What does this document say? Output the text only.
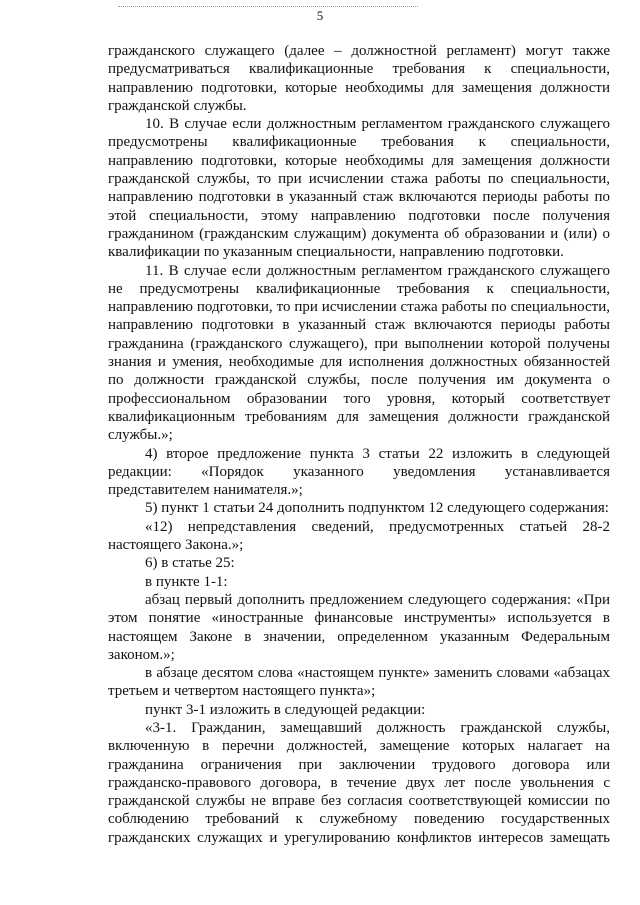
5

гражданского служащего (далее – должностной регламент) могут также предусматриваться квалификационные требования к специальности, направлению подготовки, которые необходимы для замещения должности гражданской службы.

10. В случае если должностным регламентом гражданского служащего предусмотрены квалификационные требования к специальности, направлению подготовки, которые необходимы для замещения должности гражданской службы, то при исчислении стажа работы по специальности, направлению подготовки в указанный стаж включаются периоды работы по этой специальности, этому направлению подготовки после получения гражданином (гражданским служащим) документа об образовании и (или) о квалификации по указанным специальности, направлению подготовки.

11. В случае если должностным регламентом гражданского служащего не предусмотрены квалификационные требования к специальности, направлению подготовки, то при исчислении стажа работы по специальности, направлению подготовки в указанный стаж включаются периоды работы гражданина (гражданского служащего), при выполнении которой получены знания и умения, необходимые для исполнения должностных обязанностей по должности гражданской службы, после получения им документа о профессиональном образовании того уровня, который соответствует квалификационным требованиям для замещения должности гражданской службы.»;

4) второе предложение пункта 3 статьи 22 изложить в следующей редакции: «Порядок указанного уведомления устанавливается представителем нанимателя.»;

5) пункт 1 статьи 24 дополнить подпунктом 12 следующего содержания:

«12) непредставления сведений, предусмотренных статьей 28-2 настоящего Закона.»;

6) в статье 25:

в пункте 1-1:

абзац первый дополнить предложением следующего содержания: «При этом понятие «иностранные финансовые инструменты» используется в настоящем Законе в значении, определенном указанным Федеральным законом.»;

в абзаце десятом слова «настоящем пункте» заменить словами «абзацах третьем и четвертом настоящего пункта»;

пункт 3-1 изложить в следующей редакции:

«3-1. Гражданин, замещавший должность гражданской службы, включенную в перечни должностей, замещение которых налагает на гражданина ограничения при заключении трудового договора или гражданско-правового договора, в течение двух лет после увольнения с гражданской службы не вправе без согласия соответствующей комиссии по соблюдению требований к служебному поведению государственных гражданских служащих и урегулированию конфликтов интересов замещать
